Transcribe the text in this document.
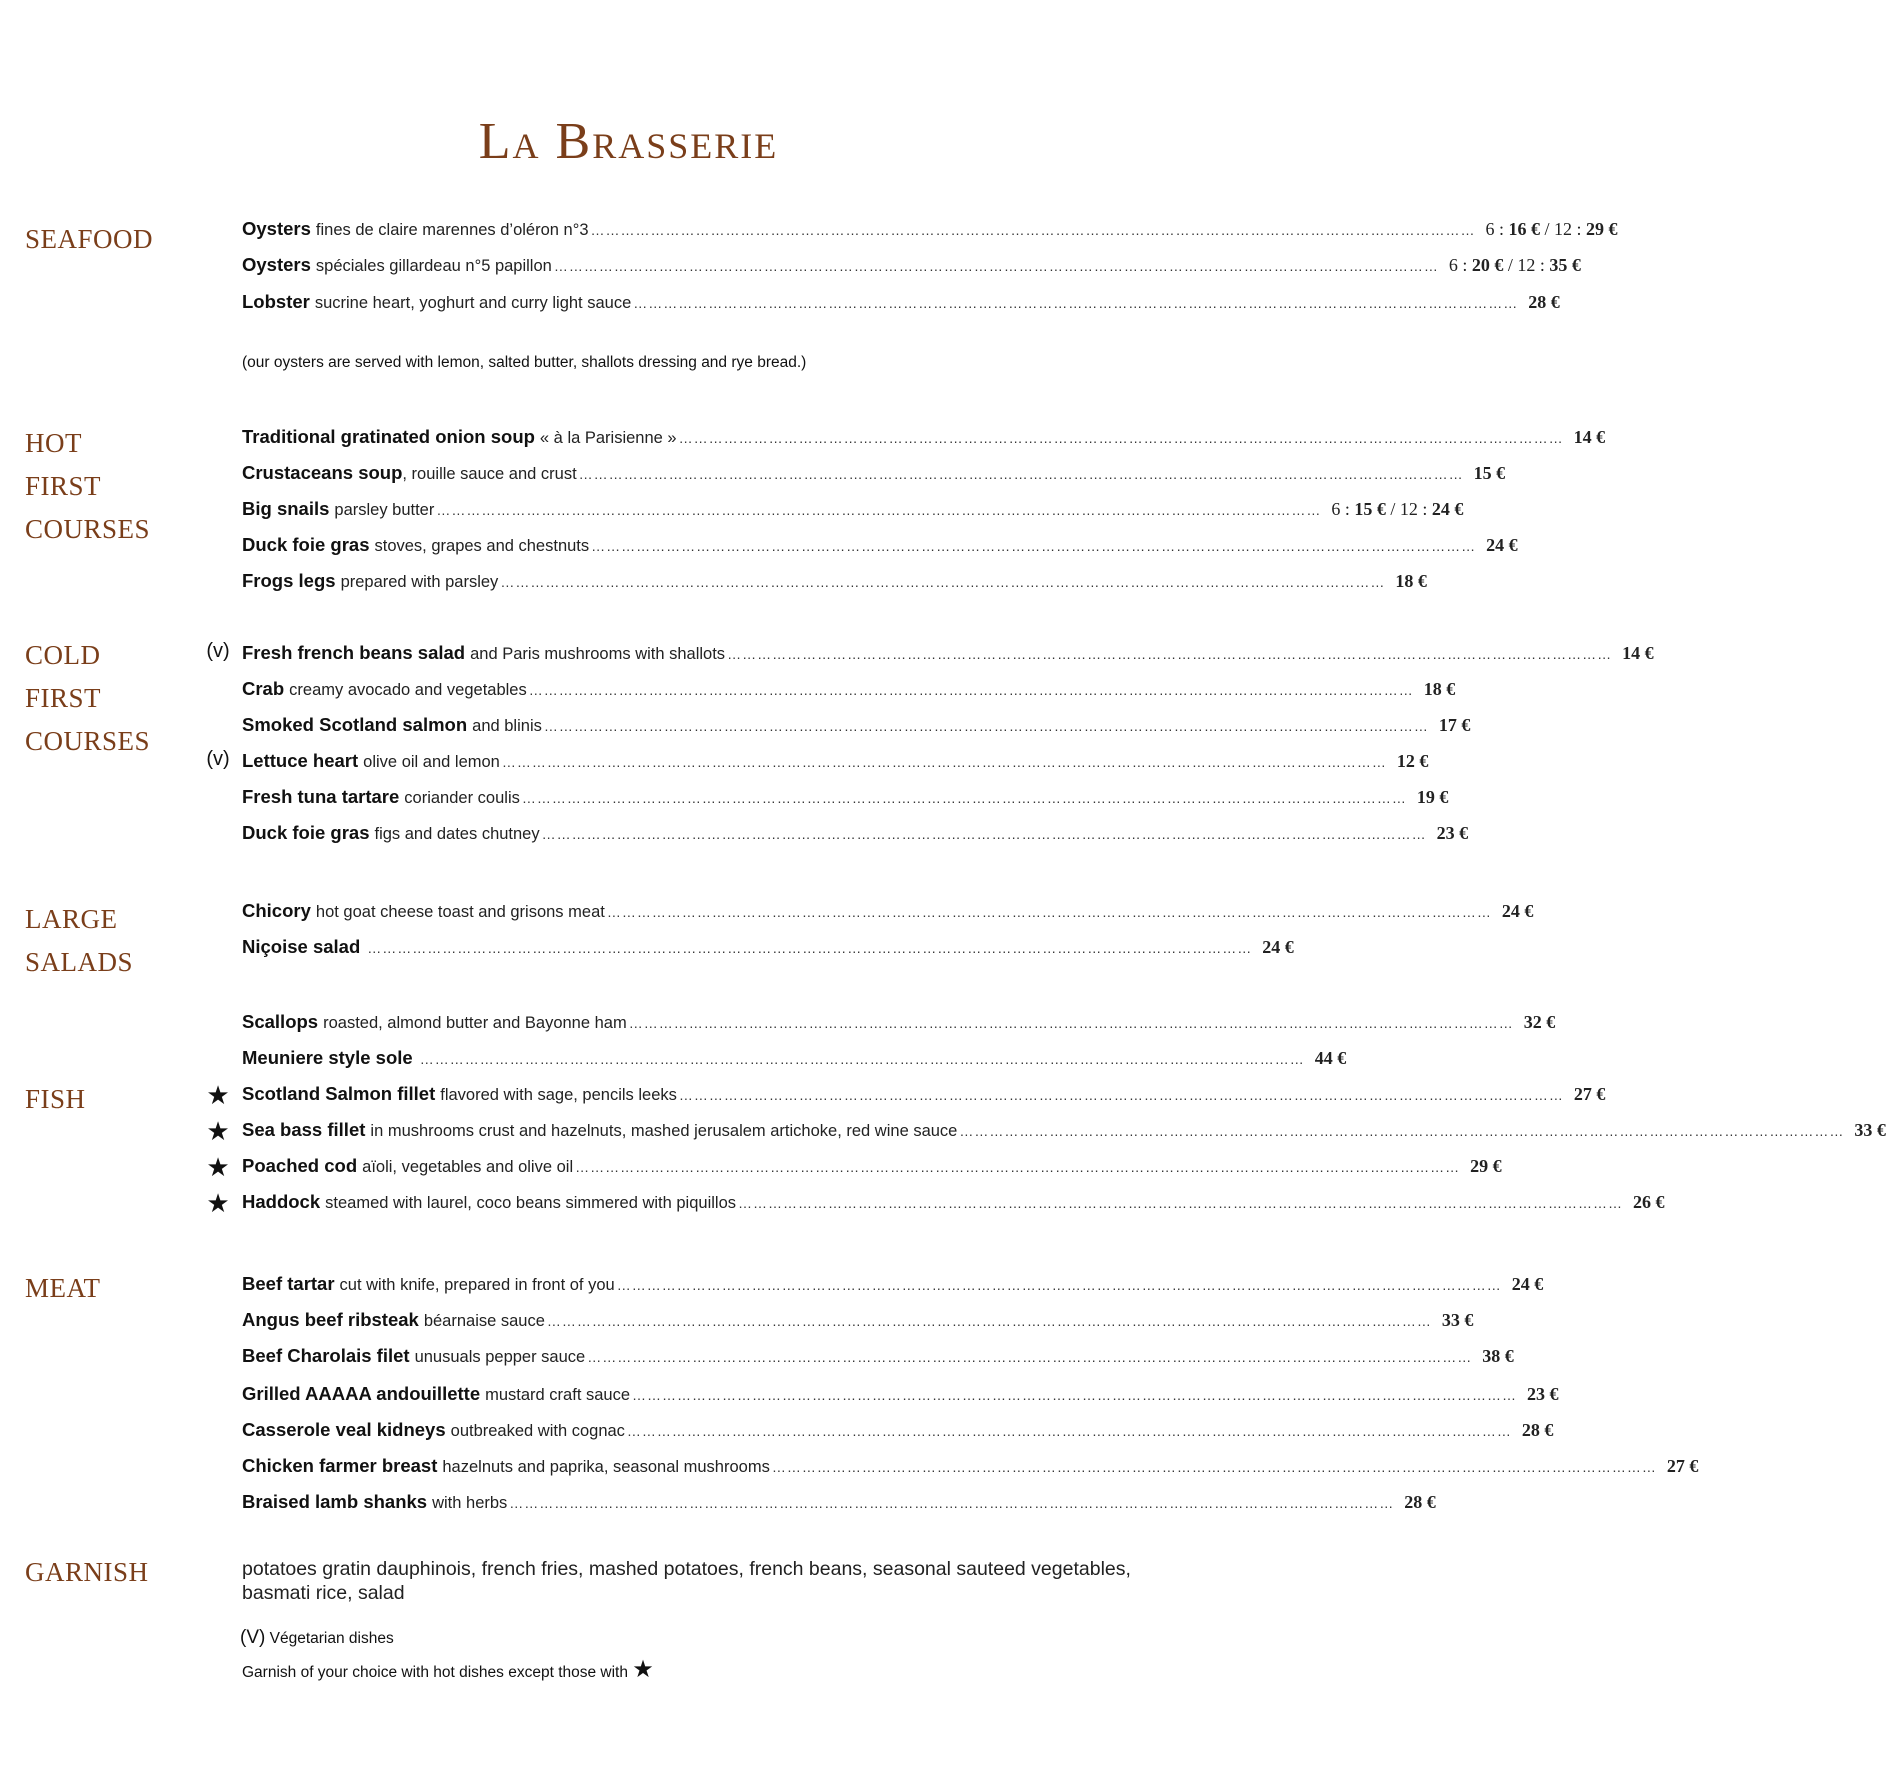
La Brasserie
SEAFOOD	Oysters fines de claire marennes d’oléron n°3 …………………………………………………………………………………………………………………………………………………………… 6 : 16 € / 12 : 29 €
Oysters spéciales gillardeau n°5 papillon …………………………………………………………………………………………………………………………………………………………… 6 : 20 € / 12 : 35 €
Lobster sucrine heart, yoghurt and curry light sauce …………………………………………………………………………………………………………………………………………………………… 28 €
(our oysters are served with lemon, salted butter, shallots dressing and rye bread.)
HOT
FIRST
COURSES
Traditional gratinated onion soup « à la Parisienne » …………………………………………………………………………………………………………………………………………………………… 14 €
Crustaceans soup , rouille sauce and crust …………………………………………………………………………………………………………………………………………………………… 15 €
Big snails parsley butter …………………………………………………………………………………………………………………………………………………………… 6 : 15 € / 12 : 24 €
Duck foie gras stoves, grapes and chestnuts …………………………………………………………………………………………………………………………………………………………… 24 €
Frogs legs prepared with parsley …………………………………………………………………………………………………………………………………………………………… 18 €
COLD
FIRST
COURSES
(v) Fresh french beans salad and Paris mushrooms with shallots …………………………………………………………………………………………………………………………………………………………… 14 €
Crab creamy avocado and vegetables …………………………………………………………………………………………………………………………………………………………… 18 €
Smoked Scotland salmon and blinis …………………………………………………………………………………………………………………………………………………………… 17 €
(v) Lettuce heart olive oil and lemon …………………………………………………………………………………………………………………………………………………………… 12 €
Fresh tuna tartare coriander coulis …………………………………………………………………………………………………………………………………………………………… 19 €
Duck foie gras figs and dates chutney …………………………………………………………………………………………………………………………………………………………… 23 €
LARGE
SALADS
Chicory hot goat cheese toast and grisons meat …………………………………………………………………………………………………………………………………………………………… 24 €
Niçoise salad …………………………………………………………………………………………………………………………………………………………… 24 €
FISH
Scallops roasted, almond butter and Bayonne ham …………………………………………………………………………………………………………………………………………………………… 32 €
Meuniere style sole …………………………………………………………………………………………………………………………………………………………… 44 €
★ Scotland Salmon fillet flavored with sage, pencils leeks …………………………………………………………………………………………………………………………………………………………… 27 €
★ Sea bass fillet in mushrooms crust and hazelnuts, mashed jerusalem artichoke, red wine sauce …………………………………………………………………………………………………………………………………………………………… 33 €
★ Poached cod aïoli, vegetables and olive oil …………………………………………………………………………………………………………………………………………………………… 29 €
★ Haddock steamed with laurel, coco beans simmered with piquillos …………………………………………………………………………………………………………………………………………………………… 26 €
MEAT	Beef tartar cut with knife, prepared in front of you …………………………………………………………………………………………………………………………………………………………… 24 €
Angus beef ribsteak béarnaise sauce …………………………………………………………………………………………………………………………………………………………… 33 €
Beef Charolais filet unusuals pepper sauce …………………………………………………………………………………………………………………………………………………………… 38 €
Grilled AAAAA andouillette mustard craft sauce …………………………………………………………………………………………………………………………………………………………… 23 €
Casserole veal kidneys outbreaked with cognac …………………………………………………………………………………………………………………………………………………………… 28 €
Chicken farmer breast hazelnuts and paprika, seasonal mushrooms …………………………………………………………………………………………………………………………………………………………… 27 €
Braised lamb shanks with herbs …………………………………………………………………………………………………………………………………………………………… 28 €
GARNISH	potatoes gratin dauphinois, french fries, mashed potatoes, french beans, seasonal sauteed vegetables, basmati rice, salad
(V) Végetarian dishes
Garnish of your choice with hot dishes except those with ★
